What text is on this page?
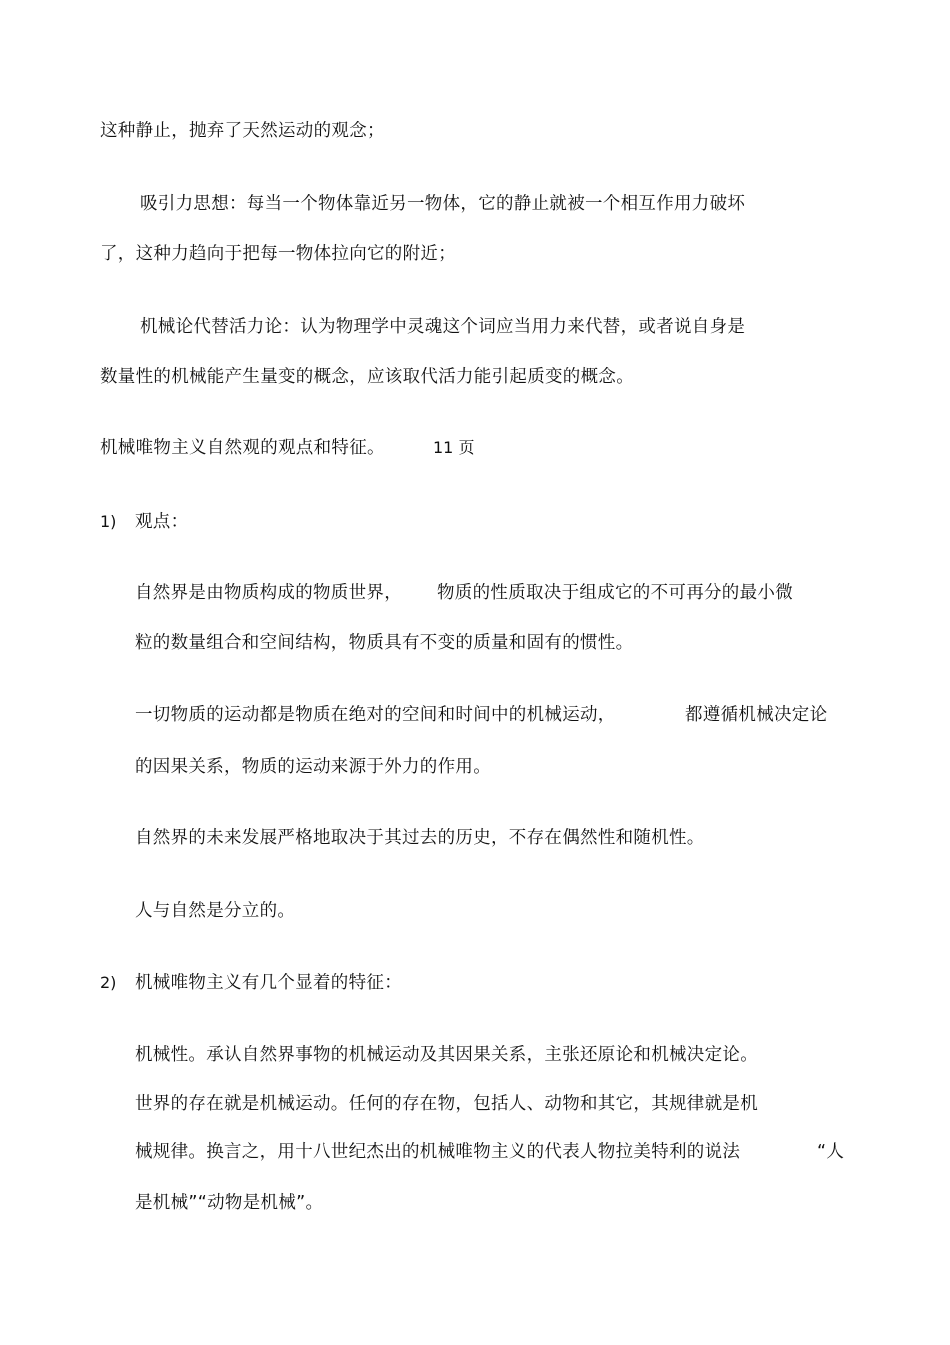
这种静止，抛弃了天然运动的观念；
吸引力思想：每当一个物体靠近另一物体，它的静止就被一个相互作用力破坏
了，这种力趋向于把每一物体拉向它的附近；
机械论代替活力论：认为物理学中灵魂这个词应当用力来代替，或者说自身是
数量性的机械能产生量变的概念，应该取代活力能引起质变的概念。
机械唯物主义自然观的观点和特征。	11 页
1) 观点：
自然界是由物质构成的物质世界， 物质的性质取决于组成它的不可再分的最小微
粒的数量组合和空间结构，物质具有不变的质量和固有的惯性。
一切物质的运动都是物质在绝对的空间和时间中的机械运动，	都遵循机械决定论
的因果关系，物质的运动来源于外力的作用。
自然界的未来发展严格地取决于其过去的历史，不存在偶然性和随机性。
人与自然是分立的。
2) 机械唯物主义有几个显着的特征：
机械性。承认自然界事物的机械运动及其因果关系，主张还原论和机械决定论。
世界的存在就是机械运动。任何的存在物，包括人、动物和其它，其规律就是机
械规律。换言之，用十八世纪杰出的机械唯物主义的代表人物拉美特利的说法	“人
是机械”“动物是机械”。
